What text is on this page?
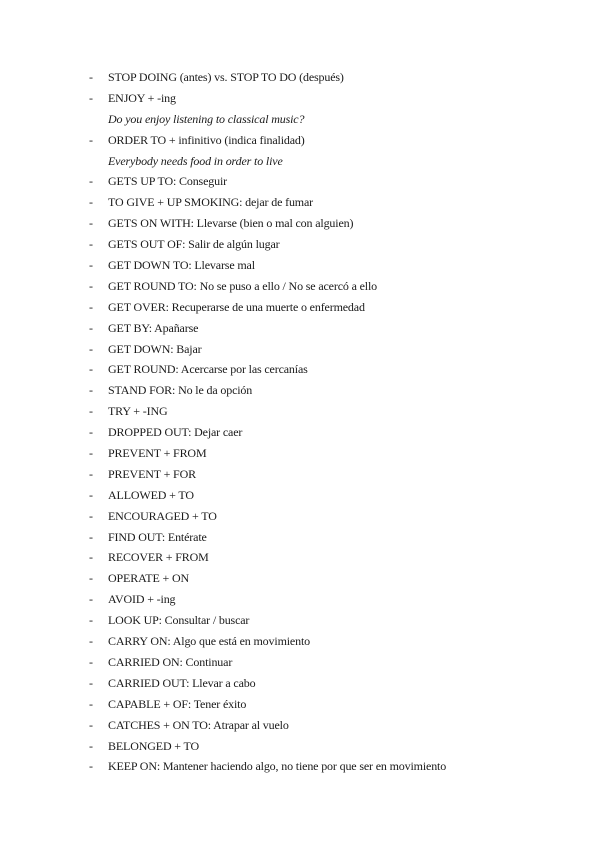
- STOP DOING (antes) vs. STOP TO DO (después)
- ENJOY + -ing
Do you enjoy listening to classical music?
- ORDER TO + infinitivo (indica finalidad)
Everybody needs food in order to live
- GETS UP TO: Conseguir
- TO GIVE + UP SMOKING: dejar de fumar
- GETS ON WITH: Llevarse (bien o mal con alguien)
- GETS OUT OF: Salir de algún lugar
- GET DOWN TO: Llevarse mal
- GET ROUND TO: No se puso a ello / No se acercó a ello
- GET OVER: Recuperarse de una muerte o enfermedad
- GET BY: Apañarse
- GET DOWN: Bajar
- GET ROUND: Acercarse por las cercanías
- STAND FOR: No le da opción
- TRY + -ING
- DROPPED OUT: Dejar caer
- PREVENT + FROM
- PREVENT + FOR
- ALLOWED + TO
- ENCOURAGED + TO
- FIND OUT: Entérate
- RECOVER + FROM
- OPERATE + ON
- AVOID + -ing
- LOOK UP: Consultar / buscar
- CARRY ON: Algo que está en movimiento
- CARRIED ON: Continuar
- CARRIED OUT: Llevar a cabo
- CAPABLE + OF: Tener éxito
- CATCHES + ON TO: Atrapar al vuelo
- BELONGED + TO
- KEEP ON: Mantener haciendo algo, no tiene por que ser en movimiento
